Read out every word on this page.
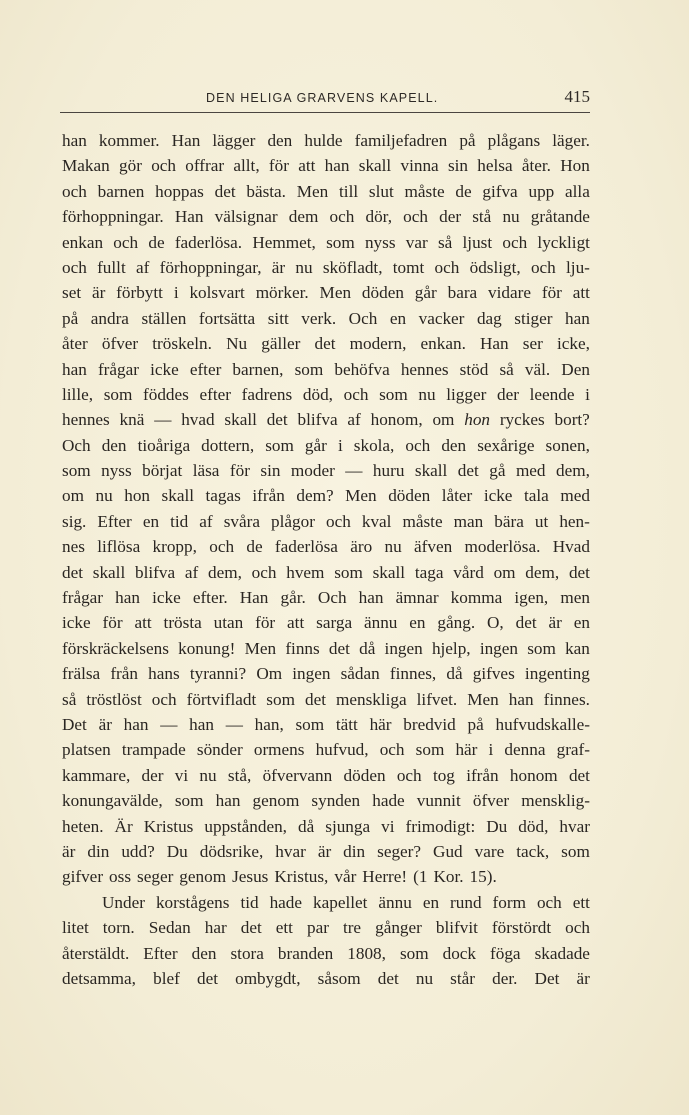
DEN HELIGA GRARVENS KAPELL.	415
han kommer. Han lägger den hulde familjefadren på plågans läger.
Makan gör och offrar allt, för att han skall vinna sin helsa åter. Hon
och barnen hoppas det bästa. Men till slut måste de gifva upp alla
förhoppningar. Han välsignar dem och dör, och der stå nu gråtande
enkan och de faderlösa. Hemmet, som nyss var så ljust och lyckligt
och fullt af förhoppningar, är nu sköfladt, tomt och ödsligt, och lju-
set är förbytt i kolsvart mörker. Men döden går bara vidare för att
på andra ställen fortsätta sitt verk. Och en vacker dag stiger han
åter öfver tröskeln. Nu gäller det modern, enkan. Han ser icke,
han frågar icke efter barnen, som behöfva hennes stöd så väl. Den
lille, som föddes efter fadrens död, och som nu ligger der leende i
hennes knä — hvad skall det blifva af honom, om hon ryckes bort?
Och den tioåriga dottern, som går i skola, och den sexårige sonen,
som nyss börjat läsa för sin moder — huru skall det gå med dem,
om nu hon skall tagas ifrån dem? Men döden låter icke tala med
sig. Efter en tid af svåra plågor och kval måste man bära ut hen-
nes liflösa kropp, och de faderlösa äro nu äfven moderlösa. Hvad
det skall blifva af dem, och hvem som skall taga vård om dem, det
frågar han icke efter. Han går. Och han ämnar komma igen, men
icke för att trösta utan för att sarga ännu en gång. O, det är en
förskräckelsens konung! Men finns det då ingen hjelp, ingen som kan
frälsa från hans tyranni? Om ingen sådan finnes, då gifves ingenting
så tröstlöst och förtvifladt som det menskliga lifvet. Men han finnes.
Det är han — han — han, som tätt här bredvid på hufvudskalle-
platsen trampade sönder ormens hufvud, och som här i denna graf-
kammare, der vi nu stå, öfvervann döden och tog ifrån honom det
konungavälde, som han genom synden hade vunnit öfver mensklig-
heten. Är Kristus uppstånden, då sjunga vi frimodigt: Du död, hvar
är din udd? Du dödsrike, hvar är din seger? Gud vare tack, som
gifver oss seger genom Jesus Kristus, vår Herre! (1 Kor. 15).
Under korstågens tid hade kapellet ännu en rund form och ett
litet torn. Sedan har det ett par tre gånger blifvit förstördt och
återstäldt. Efter den stora branden 1808, som dock föga skadade
detsamma, blef det ombygdt, såsom det nu står der. Det är
